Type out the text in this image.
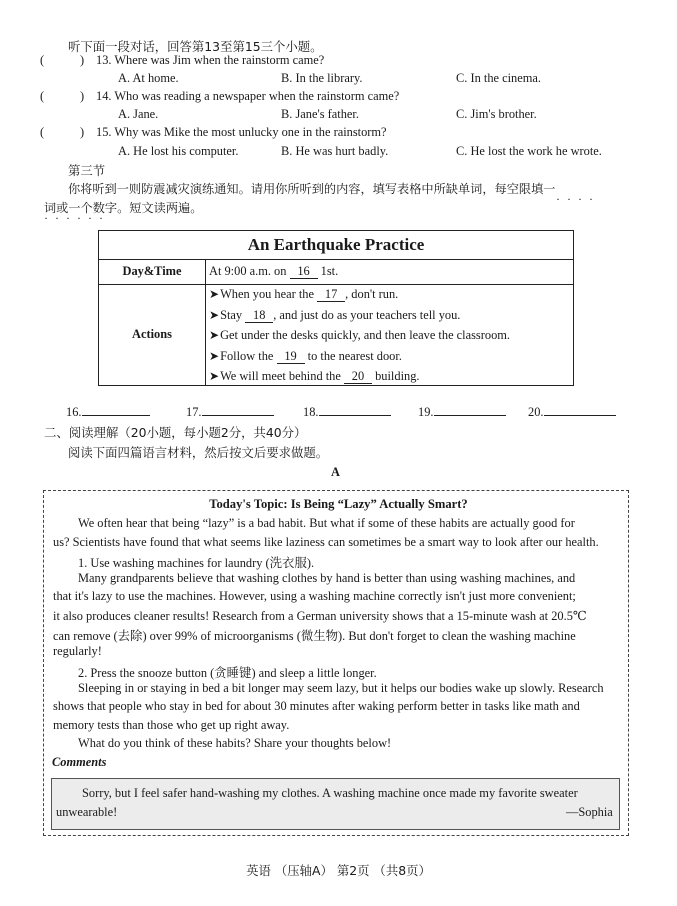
听下面一段对话，回答第13至第15三个小题。
(	) 13. Where was Jim when the rainstorm came?
A. At home.	B. In the library.	C. In the cinema.
(	) 14. Who was reading a newspaper when the rainstorm came?
A. Jane.	B. Jane's father.	C. Jim's brother.
(	) 15. Why was Mike the most unlucky one in the rainstorm?
A. He lost his computer.	B. He was hurt badly.	C. He lost the work he wrote.
第三节
你将听到一则防震减灾演练通知。请用你所听到的内容，填写表格中所缺单词，每空限填一
· · · ·
词或一个数字。短文读两遍。
· · · · · ·
An Earthquake Practice
Day&Time	At 9:00 a.m. on 16 1st.
Actions
➤When you hear the 17 , don't run.
➤Stay 18 , and just do as your teachers tell you.
➤Get under the desks quickly, and then leave the classroom.
➤Follow the 19 to the nearest door.
➤We will meet behind the 20 building.
16.	17.	18.	19.	20.
二、阅读理解（20小题，每小题2分，共40分）
阅读下面四篇语言材料，然后按文后要求做题。
A
Today's Topic: Is Being “Lazy” Actually Smart?
We often hear that being “lazy” is a bad habit. But what if some of these habits are actually good for
us? Scientists have found that what seems like laziness can sometimes be a smart way to look after our health.
1. Use washing machines for laundry (洗衣服).
Many grandparents believe that washing clothes by hand is better than using washing machines, and
that it's lazy to use the machines. However, using a washing machine correctly isn't just more convenient;
it also produces cleaner results! Research from a German university shows that a 15-minute wash at 20.5℃
can remove (去除) over 99% of microorganisms (微生物). But don't forget to clean the washing machine
regularly!
2. Press the snooze button (贪睡键) and sleep a little longer.
Sleeping in or staying in bed a bit longer may seem lazy, but it helps our bodies wake up slowly. Research
shows that people who stay in bed for about 30 minutes after waking perform better in tasks like math and
memory tests than those who get up right away.
What do you think of these habits? Share your thoughts below!
Comments
Sorry, but I feel safer hand-washing my clothes. A washing machine once made my favorite sweater
unwearable!	—Sophia
英语 （压轴A） 第2页 （共8页）
